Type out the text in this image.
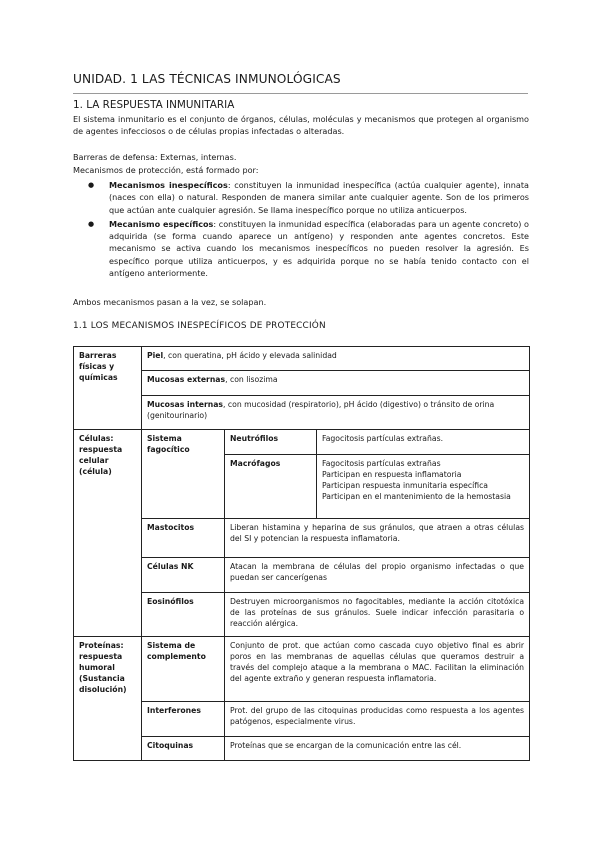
UNIDAD. 1 LAS TÉCNICAS INMUNOLÓGICAS
1. LA RESPUESTA INMUNITARIA
El sistema inmunitario es el conjunto de órganos, células, moléculas y mecanismos que protegen al organismo de agentes infecciosos o de células propias infectadas o alteradas.
Barreras de defensa: Externas, internas.
Mecanismos de protección, está formado por:
● Mecanismos inespecíficos: constituyen la inmunidad inespecífica (actúa cualquier agente), innata (naces con ella) o natural. Responden de manera similar ante cualquier agente. Son de los primeros que actúan ante cualquier agresión. Se llama inespecífico porque no utiliza anticuerpos.
● Mecanismo específicos: constituyen la inmunidad específica (elaboradas para un agente concreto) o adquirida (se forma cuando aparece un antígeno) y responden ante agentes concretos. Este mecanismo se activa cuando los mecanismos inespecíficos no pueden resolver la agresión. Es específico porque utiliza anticuerpos, y es adquirida porque no se había tenido contacto con el antígeno anteriormente.
Ambos mecanismos pasan a la vez, se solapan.
1.1 LOS MECANISMOS INESPECÍFICOS DE PROTECCIÓN
Barreras físicas y químicas	Piel, con queratina, pH ácido y elevada salinidad		
	Mucosas externas, con lisozima		
	Mucosas internas, con mucosidad (respiratorio), pH ácido (digestivo) o tránsito de orina (genitourinario)		
Células: respuesta celular (célula)	Sistema fagocítico	Neutrófilos	Fagocitosis partículas extrañas.
		Macrófagos	Fagocitosis partículas extrañas
Participan en respuesta inflamatoria
Participan respuesta inmunitaria específica
Participan en el mantenimiento de la hemostasia

	Mastocitos	Liberan histamina y heparina de sus gránulos, que atraen a otras células del SI y potencian la respuesta inflamatoria.	
	Células NK	Atacan la membrana de células del propio organismo infectadas o que puedan ser cancerígenas	
	Eosinófilos	Destruyen microorganismos no fagocitables, mediante la acción citotóxica de las proteínas de sus gránulos. Suele indicar infección parasitaria o reacción alérgica.	
Proteínas: respuesta humoral (Sustancia disolución)	Sistema de complemento	Conjunto de prot. que actúan como cascada cuyo objetivo final es abrir poros en las membranas de aquellas células que queramos destruir a través del complejo ataque a la membrana o MAC. Facilitan la eliminación del agente extraño y generan respuesta inflamatoria.	
	Interferones	Prot. del grupo de las citoquinas producidas como respuesta a los agentes patógenos, especialmente virus.	
	Citoquinas	Proteínas que se encargan de la comunicación entre las cél.	
